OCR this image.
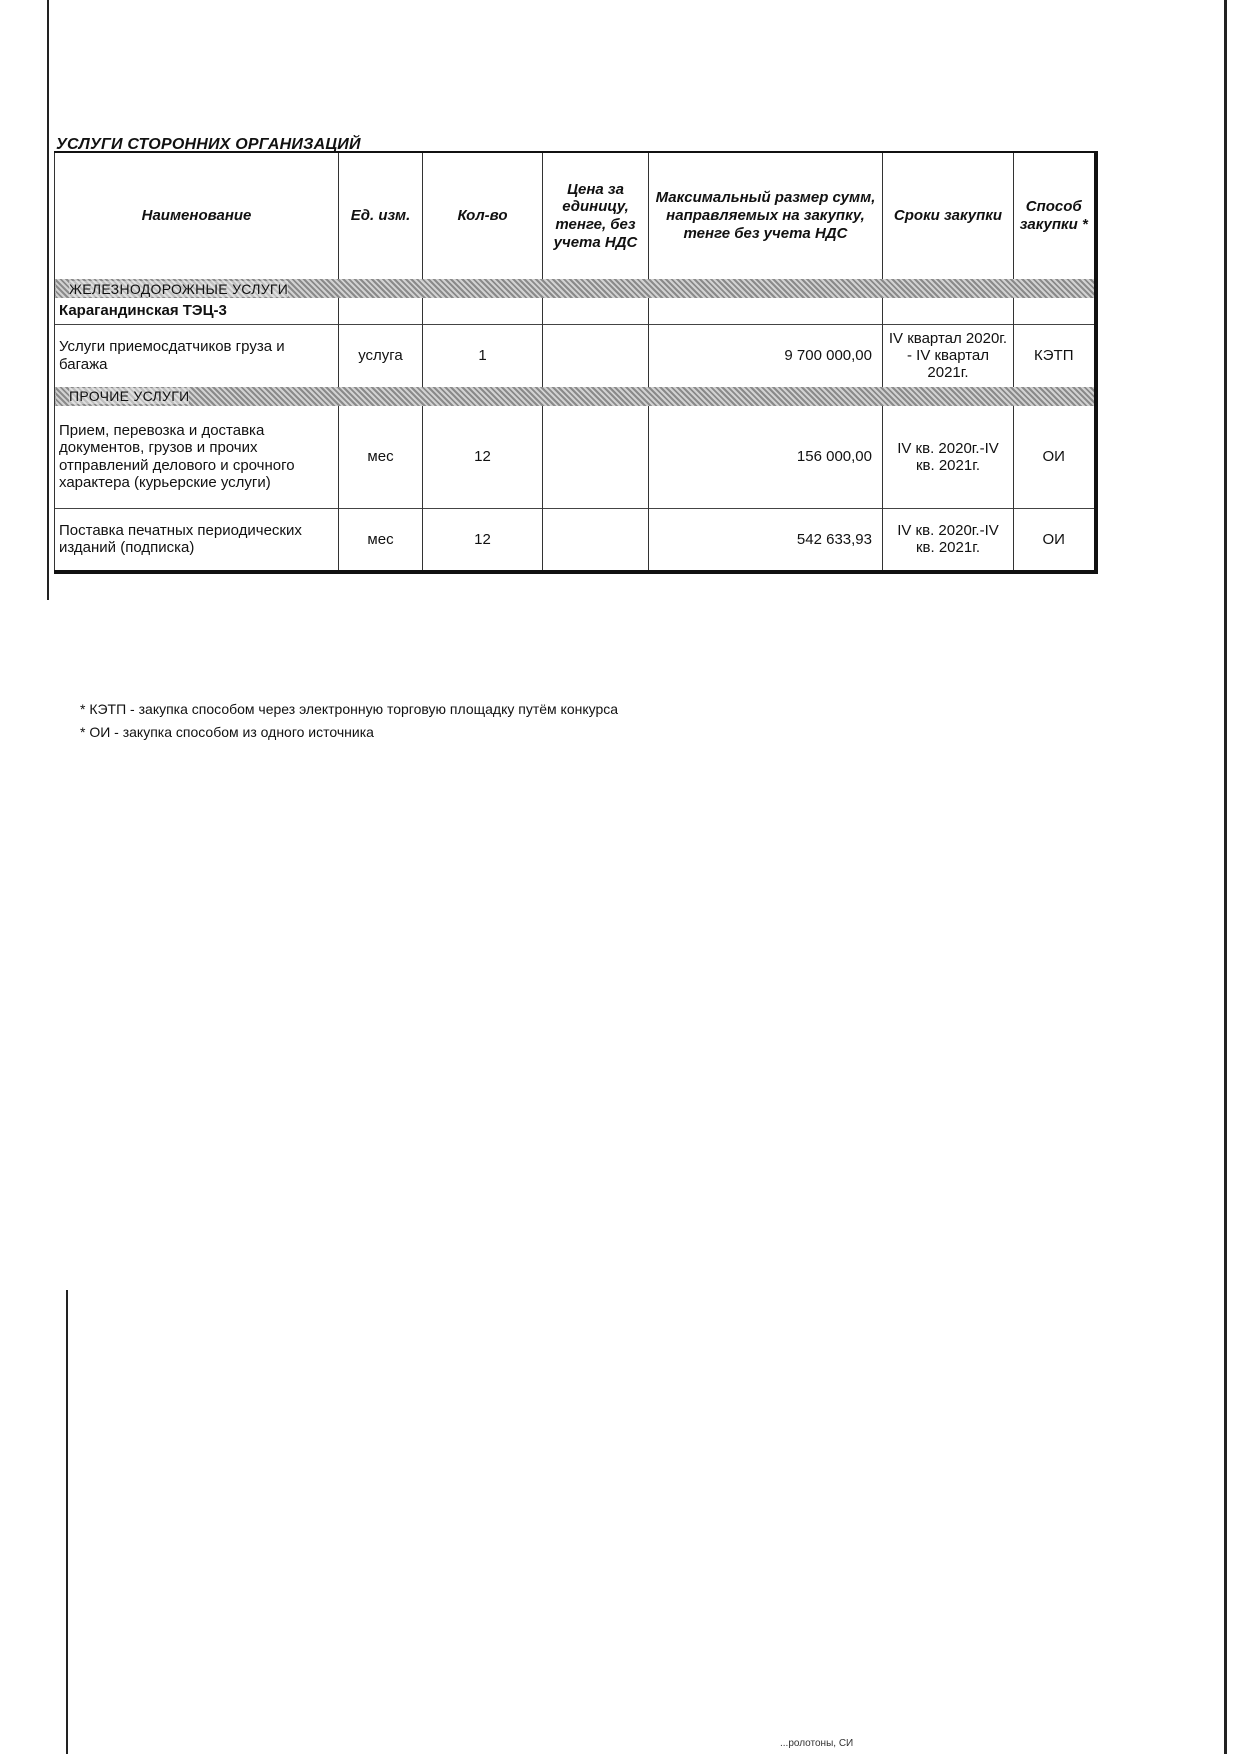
УСЛУГИ СТОРОННИХ ОРГАНИЗАЦИЙ
Наименование	Ед. изм.	Кол-во	Цена за единицу, тенге, без учета НДС	Максимальный размер сумм, направляемых на закупку, тенге без учета НДС	Сроки закупки	Способ закупки *
ЖЕЛЕЗНОДОРОЖНЫЕ УСЛУГИ						
Карагандинская ТЭЦ-3						
Услуги приемосдатчиков груза и багажа	услуга	1		9 700 000,00	IV квартал 2020г. - IV квартал 2021г.	КЭТП
ПРОЧИЕ УСЛУГИ						
Прием, перевозка и доставка документов, грузов и прочих отправлений делового и срочного характера (курьерские услуги)	мес	12		156 000,00	IV кв. 2020г.-IV кв. 2021г.	ОИ
Поставка печатных периодических изданий (подписка)	мес	12		542 633,93	IV кв. 2020г.-IV кв. 2021г.	ОИ
* КЭТП - закупка способом через электронную торговую площадку путём конкурса
* ОИ - закупка способом из одного источника
...ролотоны, СИ
